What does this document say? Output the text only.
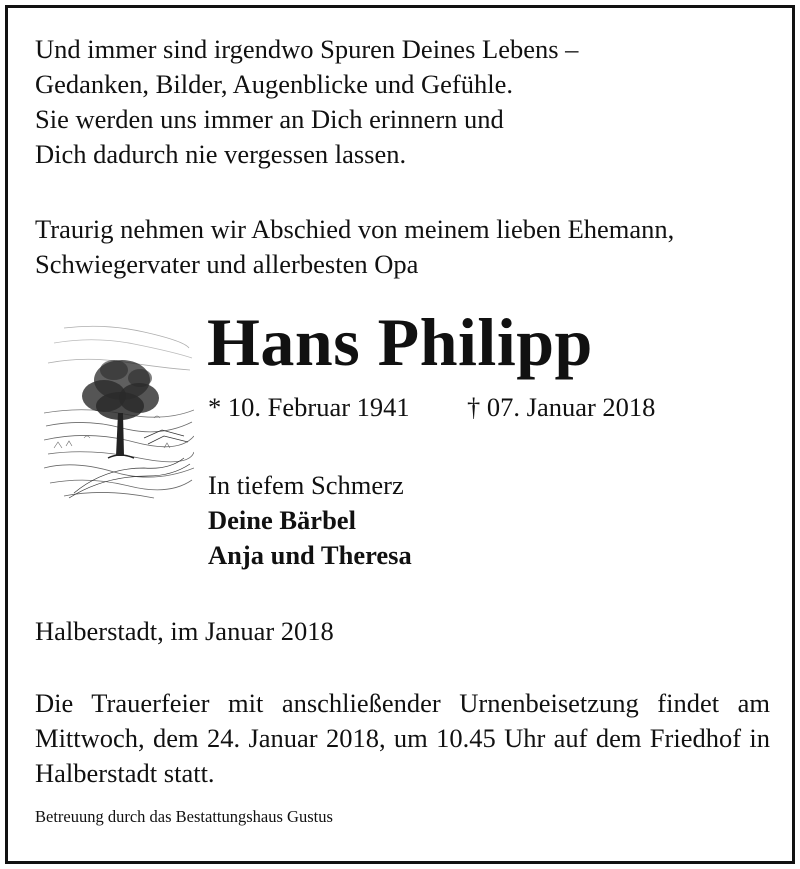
Und immer sind irgendwo Spuren Deines Lebens –

Gedanken, Bilder, Augenblicke und Gefühle.

Sie werden uns immer an Dich erinnern und

Dich dadurch nie vergessen lassen.

Traurig nehmen wir Abschied von meinem lieben Ehemann,

Schwiegervater und allerbesten Opa

Hans Philipp

* 10. Februar 1941 † 07. Januar 2018

In tiefem Schmerz

Deine Bärbel

Anja und Theresa

Halberstadt, im Januar 2018

Die Trauerfeier mit anschließender Urnenbeisetzung findet am Mittwoch, dem 24. Januar 2018, um 10.45 Uhr auf dem Friedhof in Halberstadt statt.

Betreuung durch das Bestattungshaus Gustus
